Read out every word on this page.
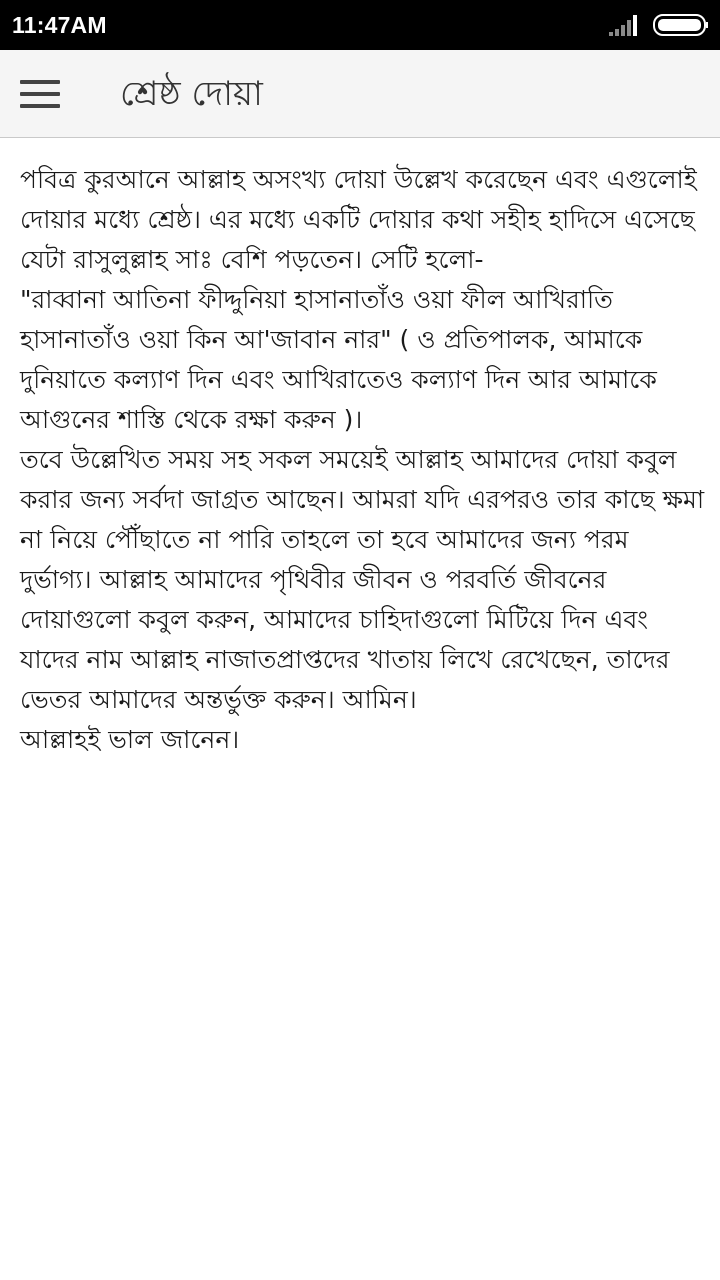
11:47AM
শ্রেষ্ঠ দোয়া

পবিত্র কুরআনে আল্লাহ অসংখ্য দোয়া উল্লেখ করেছেন এবং এগুলোই দোয়ার মধ্যে শ্রেষ্ঠ। এর মধ্যে একটি দোয়ার কথা সহীহ হাদিসে এসেছে যেটা রাসুলুল্লাহ সাঃ বেশি পড়তেন। সেটি হলো-

"রাব্বানা আতিনা ফীদ্দুনিয়া হাসানাতাঁও ওয়া ফীল আখিরাতি হাসানাতাঁও ওয়া কিন আ'জাবান নার" ( ও প্রতিপালক, আমাকে দুনিয়াতে কল্যাণ দিন এবং আখিরাতেও কল্যাণ দিন আর আমাকে আগুনের শাস্তি থেকে রক্ষা করুন )।

তবে উল্লেখিত সময় সহ সকল সময়েই আল্লাহ আমাদের দোয়া কবুল করার জন্য সর্বদা জাগ্রত আছেন। আমরা যদি এরপরও তার কাছে ক্ষমা না নিয়ে পৌঁছাতে না পারি তাহলে তা হবে আমাদের জন্য পরম দুর্ভাগ্য। আল্লাহ আমাদের পৃথিবীর জীবন ও পরবর্তি জীবনের দোয়াগুলো কবুল করুন, আমাদের চাহিদাগুলো মিটিয়ে দিন এবং যাদের নাম আল্লাহ নাজাতপ্রাপ্তদের খাতায় লিখে রেখেছেন, তাদের ভেতর আমাদের অন্তর্ভুক্ত করুন। আমিন।

আল্লাহই ভাল জানেন।
